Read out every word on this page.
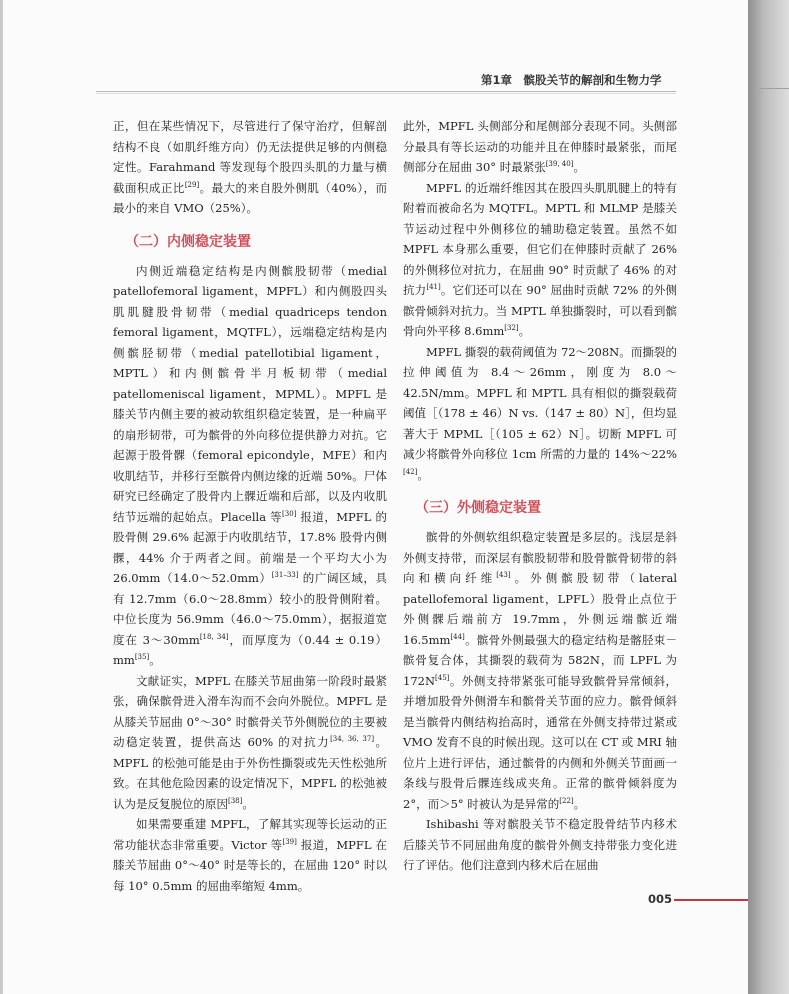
第1章　髌股关节的解剖和生物力学

正，但在某些情况下，尽管进行了保守治疗，但解剖结构不良（如肌纤维方向）仍无法提供足够的内侧稳定性。Farahmand 等发现每个股四头肌的力量与横截面积成正比[29]。最大的来自股外侧肌（40%），而最小的来自 VMO（25%）。

（二）内侧稳定装置

内侧近端稳定结构是内侧髌股韧带（medial patellofemoral ligament，MPFL）和内侧股四头肌肌腱股骨韧带（medial quadriceps tendon femoral ligament，MQTFL），远端稳定结构是内侧髌胫韧带（medial patellotibial ligament，MPTL）和内侧髌骨半月板韧带（medial patellomeniscal ligament，MPML）。MPFL 是膝关节内侧主要的被动软组织稳定装置，是一种扁平的扇形韧带，可为髌骨的外向移位提供静力对抗。它起源于股骨髁（femoral epicondyle，MFE）和内收肌结节，并移行至髌骨内侧边缘的近端 50%。尸体研究已经确定了股骨内上髁近端和后部，以及内收肌结节远端的起始点。Placella 等[30] 报道，MPFL 的股骨侧 29.6% 起源于内收肌结节，17.8% 股骨内侧髁，44% 介于两者之间。前端是一个平均大小为 26.0mm（14.0～52.0mm）[31–33] 的广阔区域，具有 12.7mm（6.0～28.8mm）较小的股骨侧附着。中位长度为 56.9mm（46.0～75.0mm），据报道宽度在 3～30mm[18, 34]，而厚度为（0.44 ± 0.19）mm[35]。

文献证实，MPFL 在膝关节屈曲第一阶段时最紧张，确保髌骨进入滑车沟而不会向外脱位。MPFL 是从膝关节屈曲 0°～30° 时髌骨关节外侧脱位的主要被动稳定装置，提供高达 60% 的对抗力[34, 36, 37]。MPFL 的松弛可能是由于外伤性撕裂或先天性松弛所致。在其他危险因素的设定情况下，MPFL 的松弛被认为是反复脱位的原因[38]。

如果需要重建 MPFL，了解其实现等长运动的正常功能状态非常重要。Victor 等[39] 报道，MPFL 在膝关节屈曲 0°～40° 时是等长的，在屈曲 120° 时以每 10° 0.5mm 的屈曲率缩短 4mm。

此外，MPFL 头侧部分和尾侧部分表现不同。头侧部分最具有等长运动的功能并且在伸膝时最紧张，而尾侧部分在屈曲 30° 时最紧张[39, 40]。

MPFL 的近端纤维因其在股四头肌肌腱上的特有附着而被命名为 MQTFL。MPTL 和 MLMP 是膝关节运动过程中外侧移位的辅助稳定装置。虽然不如 MPFL 本身那么重要，但它们在伸膝时贡献了 26% 的外侧移位对抗力，在屈曲 90° 时贡献了 46% 的对抗力[41]。它们还可以在 90° 屈曲时贡献 72% 的外侧髌骨倾斜对抗力。当 MPTL 单独撕裂时，可以看到髌骨向外平移 8.6mm[32]。

MPFL 撕裂的载荷阈值为 72～208N。而撕裂的拉伸阈值为 8.4～26mm，刚度为 8.0～42.5N/mm。MPFL 和 MPTL 具有相似的撕裂载荷阈值［（178 ± 46）N vs.（147 ± 80）N］，但均显著大于 MPML［（105 ± 62）N］。切断 MPFL 可减少将髌骨外向移位 1cm 所需的力量的 14%～22%[42]。

（三）外侧稳定装置

髌骨的外侧软组织稳定装置是多层的。浅层是斜外侧支持带，而深层有髌股韧带和股骨髌骨韧带的斜向和横向纤维[43]。外侧髌股韧带（lateral patellofemoral ligament，LPFL）股骨止点位于外侧髁后端前方 19.7mm，外侧远端髌近端 16.5mm[44]。髌骨外侧最强大的稳定结构是髂胫束－髌骨复合体，其撕裂的载荷为 582N，而 LPFL 为 172N[45]。外侧支持带紧张可能导致髌骨异常倾斜，并增加股骨外侧滑车和髌骨关节面的应力。髌骨倾斜是当髌骨内侧结构抬高时，通常在外侧支持带过紧或 VMO 发育不良的时候出现。这可以在 CT 或 MRI 轴位片上进行评估，通过髌骨的内侧和外侧关节面画一条线与股骨后髁连线成夹角。正常的髌骨倾斜度为 2°，而＞5° 时被认为是异常的[22]。

Ishibashi 等对髌股关节不稳定股骨结节内移术后膝关节不同屈曲角度的髌骨外侧支持带张力变化进行了评估。他们注意到内移术后在屈曲

005
